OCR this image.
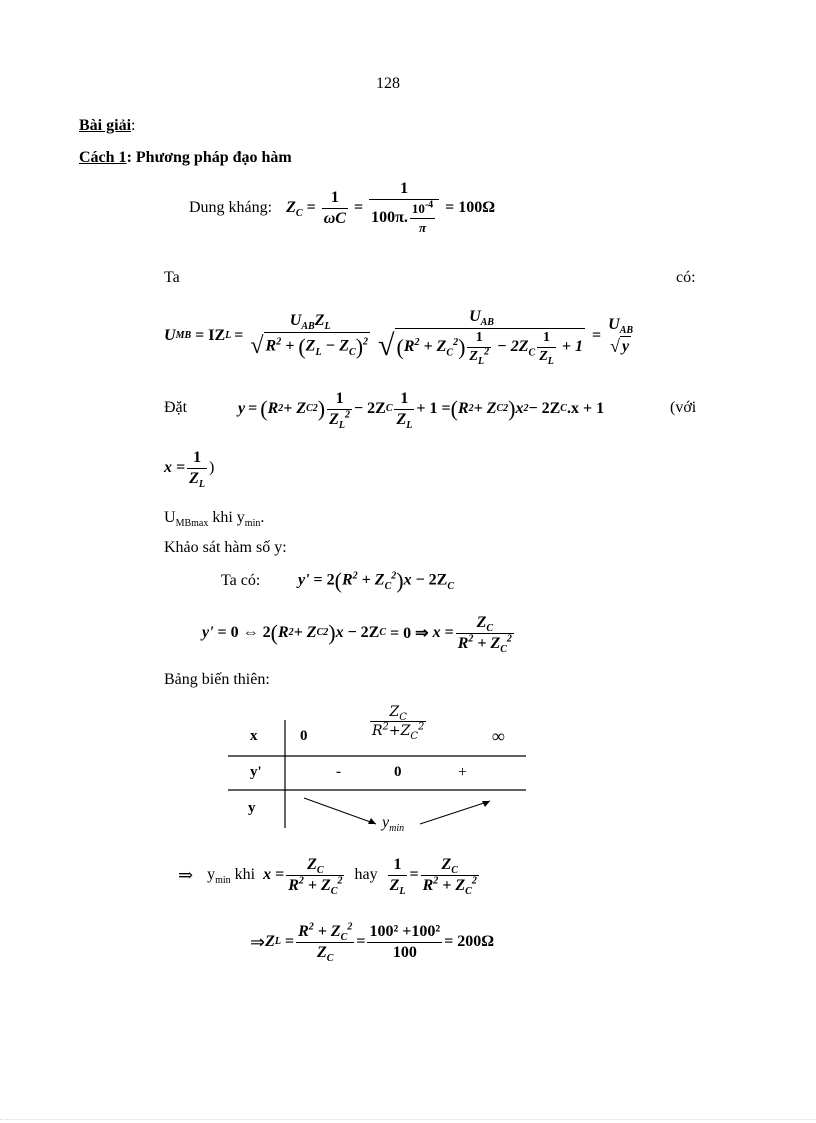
128
Bài giải:
Cách 1: Phương pháp đạo hàm
Dung kháng: $Z_C = \frac{1}{\omega C} = \frac{1}{100\pi. \frac{10^{-4}}{\pi}} = 100\Omega$
Ta	có:
U MB = IZ L =
$U_{AB}Z_L$
√ $R^2 + (Z_L - Z_C)^2$
$U_{AB}$
$√(R^2 + Z_C^2) \frac{1}{Z_L^2} - 2Z_C \frac{1}{Z_L} + 1$
=
$U_{AB}$
√ y
Đặt	y = ( R 2 + Z C 2 ) $\frac{1}{Z_L^2} - 2Z$ C $\frac{1}{Z_L} + 1$ = ( R 2 + Z C 2 ) x 2 − 2Z C .x + 1	(với
$x = \frac{1}{Z_L}$ )
$U_{MBmax}$ khi $y_{min}$.
Khảo sát hàm số y:
Ta có: $y' = 2(R^2 + Z_C^2)x - 2Z_C$
y' = 0 ⇔ 2 ( R 2 + Z C 2 ) x − 2Z C = 0 ⇒ $x = \frac{Z_C}{R^2 + Z_C^2}$
Bảng biến thiên:
x	0	$\frac{Z_C}{R^2+Z_C^2}$	∞
y'	-	0	+
y
$y_{min}$
⇒ $y_{min}$ khi $x = \frac{Z_C}{R^2 + Z_C^2}$ hay $\frac{1}{Z_L} = \frac{Z_C}{R^2 + Z_C^2}$
⇒ Z $L = \frac{R^2 + Z_C^2}{Z_C} = \frac{\text{100² +100²}}{100} = 200\Omega$
